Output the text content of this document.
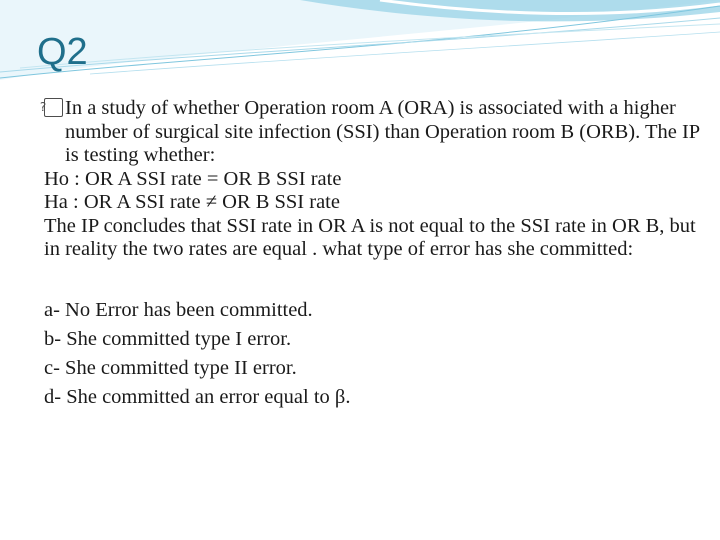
Q2

?In a study of whether Operation room A (ORA) is associated with a higher number of surgical site infection (SSI) than Operation room B (ORB). The IP is testing whether:

Ho : OR A SSI rate = OR B SSI rate

Ha : OR A SSI rate ≠ OR B SSI rate

The IP concludes that SSI rate in OR A is not equal to the SSI rate in OR B, but in reality the two rates are equal . what type of error has she committed:

a- No Error has been committed.

b- She committed type I error.

c- She committed type II error.

d- She committed an error equal to β.
